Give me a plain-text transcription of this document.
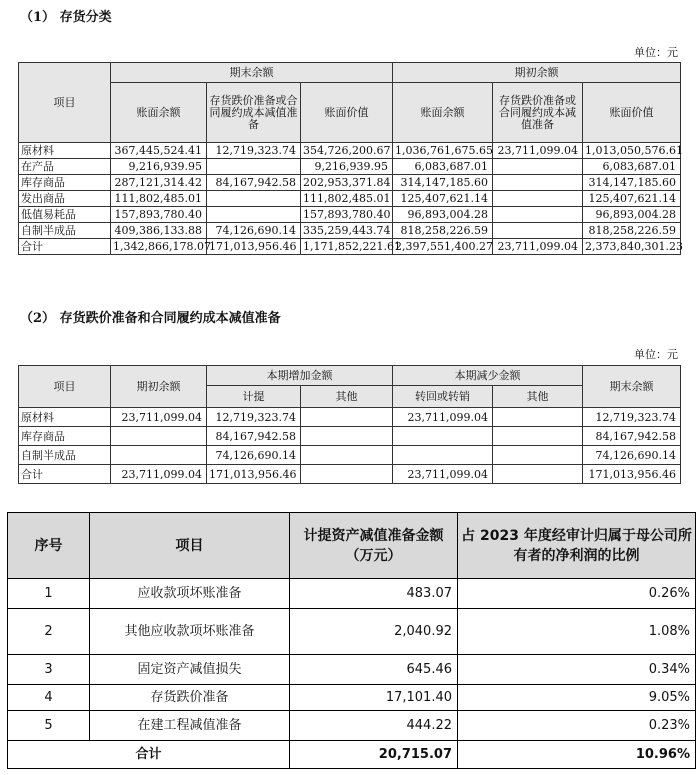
（1） 存货分类
单位：元
项目	期末余额			期初余额		
	账面余额	存货跌价准备或合同履约成本减值准备	账面价值	账面余额	存货跌价准备或合同履约成本减值准备	账面价值
原材料	367,445,524.41	12,719,323.74	354,726,200.67	1,036,761,675.65	23,711,099.04	1,013,050,576.61
在产品	9,216,939.95		9,216,939.95	6,083,687.01		6,083,687.01
库存商品	287,121,314.42	84,167,942.58	202,953,371.84	314,147,185.60		314,147,185.60
发出商品	111,802,485.01		111,802,485.01	125,407,621.14		125,407,621.14
低值易耗品	157,893,780.40		157,893,780.40	96,893,004.28		96,893,004.28
自制半成品	409,386,133.88	74,126,690.14	335,259,443.74	818,258,226.59		818,258,226.59
合计	1,342,866,178.07	171,013,956.46	1,171,852,221.61	2,397,551,400.27	23,711,099.04	2,373,840,301.23
（2） 存货跌价准备和合同履约成本减值准备
单位：元
项目	期初余额	本期增加金额		本期减少金额		期末余额
		计提	其他	转回或转销	其他	
原材料	23,711,099.04	12,719,323.74		23,711,099.04		12,719,323.74
库存商品		84,167,942.58				84,167,942.58
自制半成品		74,126,690.14				74,126,690.14
合计	23,711,099.04	171,013,956.46		23,711,099.04		171,013,956.46
序号	项目	计提资产减值准备金额（万元）	占 2023 年度经审计归属于母公司所有者的净利润的比例
1	应收款项坏账准备	483.07	0.26%
2	其他应收款项坏账准备	2,040.92	1.08%
3	固定资产减值损失	645.46	0.34%
4	存货跌价准备	17,101.40	9.05%
5	在建工程减值准备	444.22	0.23%
合计		20,715.07	10.96%
